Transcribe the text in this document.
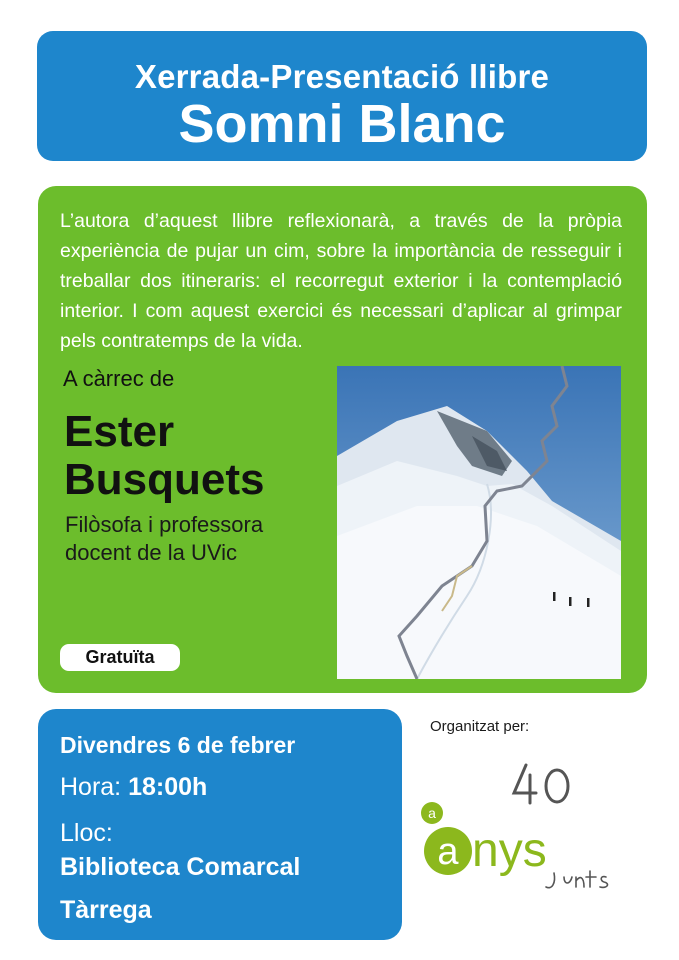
Xerrada-Presentació llibre
Somni Blanc
L’autora d’aquest llibre reflexionarà, a través de la pròpia experiència de pujar un cim, sobre la importància de resseguir i treballar dos itineraris: el recorregut exterior i la contemplació interior. I com aquest exercici és necessari d’aplicar al grimpar pels contratemps de la vida.
A càrrec de
Ester
Busquets
Filòsofa i professora
docent de la UVic
Gratuïta
Divendres 6 de febrer
Hora: 18:00h
Lloc:
Biblioteca Comarcal
Tàrrega
Organitzat per:
a
a nys
